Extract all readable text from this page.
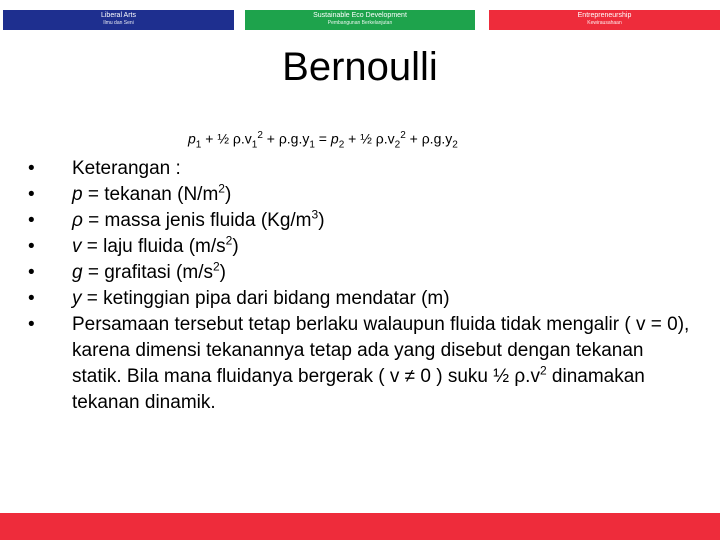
Liberal Arts
Ilmu dan Seni
Sustainable Eco Development
Pembangunan Berkelanjutan
Entrepreneurship
Kewirausahaan
Bernoulli
$p_1$ + ½ $\rho.v_1^2 + \rho.g.y_1 = p_2$ + ½ $\rho.v_2^2 + \rho.g.y_2$
• Keterangan :
• p = tekanan $(N/m^2)$
• ρ = massa jenis fluida $(Kg/m^3)$
• v = laju fluida $(m/s^2)$
• g = grafitasi $(m/s^2)$
• y = ketinggian pipa dari bidang mendatar (m)
• Persamaan tersebut tetap berlaku walaupun fluida tidak mengalir ( v = 0), karena dimensi tekanannya tetap ada yang disebut dengan tekanan statik. Bila mana fluidanya bergerak ( v ≠ 0 ) suku ½ $\rho.v^2$ dinamakan tekanan dinamik.
